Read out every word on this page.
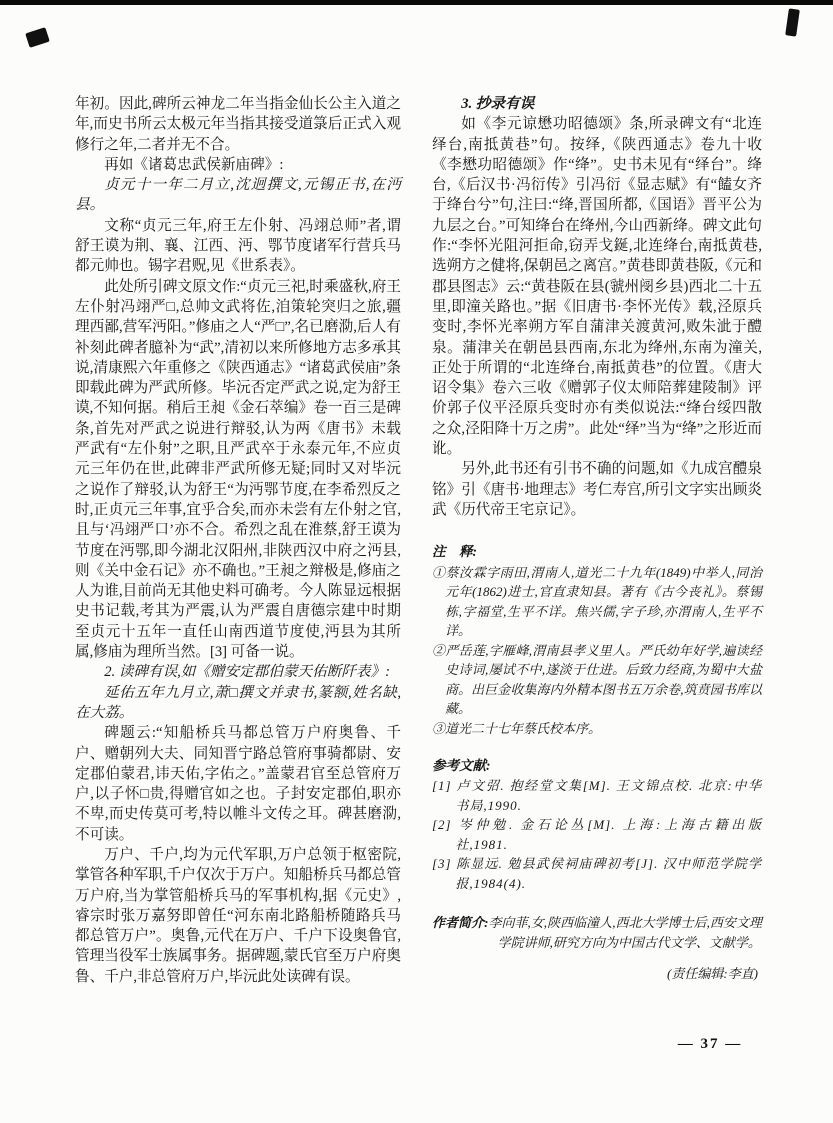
年初。因此,碑所云神龙二年当指金仙长公主入道之年,而史书所云太极元年当指其接受道箓后正式入观修行之年,二者并无不合。

再如《诸葛忠武侯新庙碑》:

贞元十一年二月立,沈迥撰文,元锡正书,在沔县。

文称“贞元三年,府王左仆射、冯翊总师”者,谓舒王谟为荆、襄、江西、沔、鄂节度诸军行营兵马都元帅也。锡字君贶,见《世系表》。

此处所引碑文原文作:“贞元三祀,时乘盛秋,府王左仆射冯翊严□,总帅文武将佐,洎策轮突归之旅,疆理西鄙,营军沔阳。”修庙之人“严□”,名已磨泐,后人有补刻此碑者臆补为“武”,清初以来所修地方志多承其说,清康熙六年重修之《陕西通志》“诸葛武侯庙”条即载此碑为严武所修。毕沅否定严武之说,定为舒王谟,不知何据。稍后王昶《金石萃编》卷一百三是碑条,首先对严武之说进行辩驳,认为两《唐书》未载严武有“左仆射”之职,且严武卒于永泰元年,不应贞元三年仍在世,此碑非严武所修无疑;同时又对毕沅之说作了辩驳,认为舒王“为沔鄂节度,在李希烈反之时,正贞元三年事,宜乎合矣,而亦未尝有左仆射之官,且与‘冯翊严口’亦不合。希烈之乱在淮蔡,舒王谟为节度在沔鄂,即今湖北汉阳州,非陕西汉中府之沔县,则《关中金石记》亦不确也。”王昶之辩极是,修庙之人为谁,目前尚无其他史料可确考。今人陈显远根据史书记载,考其为严震,认为严震自唐德宗建中时期至贞元十五年一直任山南西道节度使,沔县为其所属,修庙为理所当然。[3] 可备一说。

2. 读碑有误,如《赠安定郡伯蒙天佑断阡表》:

延佑五年九月立,萧□撰文并隶书,篆额,姓名缺,在大荔。

碑题云:“知船桥兵马都总管万户府奥鲁、千户、赠朝列大夫、同知晋宁路总管府事骑都尉、安定郡伯蒙君,讳天佑,字佑之。”盖蒙君官至总管府万户,以子怀□贵,得赠官如之也。子封安定郡伯,职亦不卑,而史传莫可考,特以帷斗文传之耳。碑甚磨泐,不可读。

万户、千户,均为元代军职,万户总领于枢密院,掌管各种军职,千户仅次于万户。知船桥兵马都总管万户府,当为掌管船桥兵马的军事机构,据《元史》,睿宗时张万嘉努即曾任“河东南北路船桥随路兵马都总管万户”。奥鲁,元代在万户、千户下设奥鲁官,管理当役军士族属事务。据碑题,蒙氏官至万户府奥鲁、千户,非总管府万户,毕沅此处读碑有误。

3. 抄录有误

如《李元谅懋功昭德颂》条,所录碑文有“北连绎台,南抵黄巷”句。按绎,《陕西通志》卷九十收《李懋功昭德颂》作“绛”。史书未见有“绎台”。绛台,《后汉书·冯衍传》引冯衍《显志赋》有“饁女齐于绛台兮”句,注曰:“绛,晋国所都,《国语》晋平公为九层之台。”可知绛台在绛州,今山西新绛。碑文此句作:“李怀光阻河拒命,窃弄戈鋋,北连绛台,南抵黄巷,选朔方之健将,保朝邑之离宫。”黄巷即黄巷阪,《元和郡县图志》云:“黄巷阪在县(虢州阌乡县)西北二十五里,即潼关路也。”据《旧唐书·李怀光传》载,泾原兵变时,李怀光率朔方军自蒲津关渡黄河,败朱泚于醴泉。蒲津关在朝邑县西南,东北为绛州,东南为潼关,正处于所谓的“北连绛台,南抵黄巷”的位置。《唐大诏令集》卷六三收《赠郭子仪太师陪葬建陵制》评价郭子仪平泾原兵变时亦有类似说法:“绛台绥四散之众,泾阳降十万之虏”。此处“绎”当为“绛”之形近而讹。

另外,此书还有引书不确的问题,如《九成宫醴泉铭》引《唐书·地理志》考仁寿宫,所引文字实出顾炎武《历代帝王宅京记》。

注　释:

①蔡汝霖字雨田,渭南人,道光二十九年(1849)中举人,同治元年(1862)进士,官直隶知县。著有《古今丧礼》。蔡锡栋,字福堂,生平不详。焦兴儒,字子珍,亦渭南人,生平不详。

②严岳莲,字雁峰,渭南县孝义里人。严氏幼年好学,遍读经史诗词,屡试不中,遂淡于仕进。后致力经商,为蜀中大盐商。出巨金收集海内外精本图书五万余卷,筑贲园书库以藏。

③道光二十七年蔡氏校本序。

参考文献:

[1] 卢文弨. 抱经堂文集[M]. 王文锦点校. 北京:中华书局,1990.

[2] 岑仲勉. 金石论丛[M]. 上海:上海古籍出版社,1981.

[3] 陈显远. 勉县武侯祠庙碑初考[J]. 汉中师范学院学报,1984(4).

作者简介:李向菲,女,陕西临潼人,西北大学博士后,西安文理学院讲师,研究方向为中国古代文学、文献学。

(责任编辑:李直)

— 37 —
